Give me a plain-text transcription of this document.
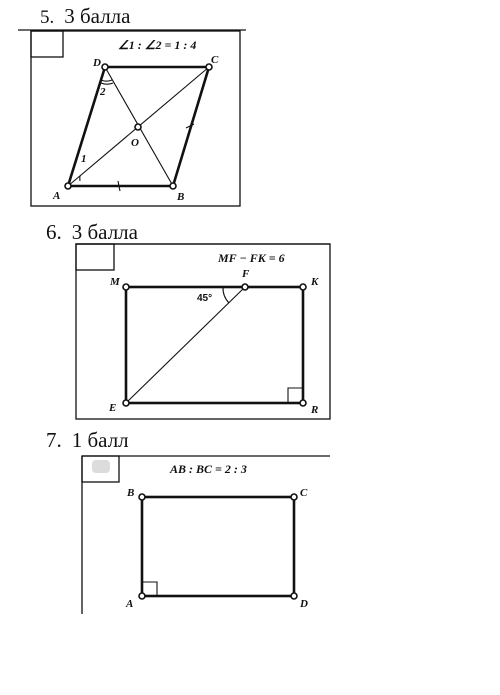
5. 3 балла
6. 3 балла
7. 1 балл
∠1 : ∠2 = 1 : 4
A	B
C
D
O
1
2
MF − FK = 6
M
F
K
E	R
45°
AB : BC = 2 : 3
B	C
A	D
